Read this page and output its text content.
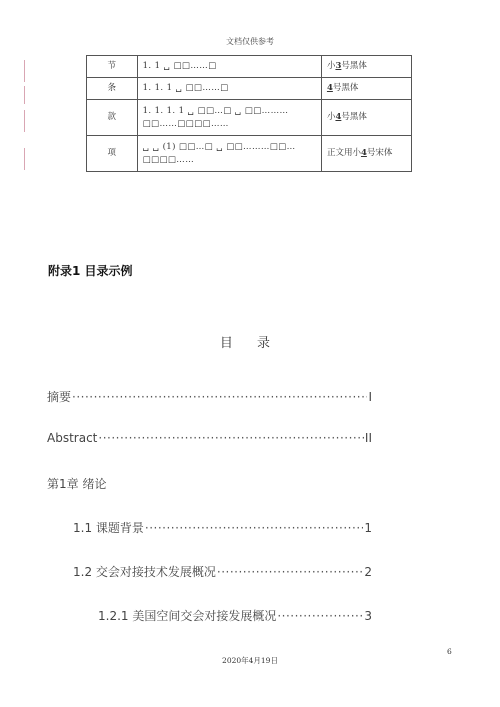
文档仅供参考
节	1. 1 ␣ □□……□	小3号黑体
条	1. 1. 1 ␣ □□……□	4号黑体
款	1. 1. 1. 1 ␣ □□…□ ␣ □□………□□……□□□□……	小4号黑体
项	␣ ␣ (1) □□…□ ␣ □□………□□…□□□□……	正文用小4号宋体
附录1 目录示例
目 录
摘要 ·····	I
Abstract ·····	II
第1章 绪论
1.1 课题背景 ·····	1
1.2 交会对接技术发展概况 ·····	2
1.2.1 美国空间交会对接发展概况 ·····	3
6
2020年4月19日
